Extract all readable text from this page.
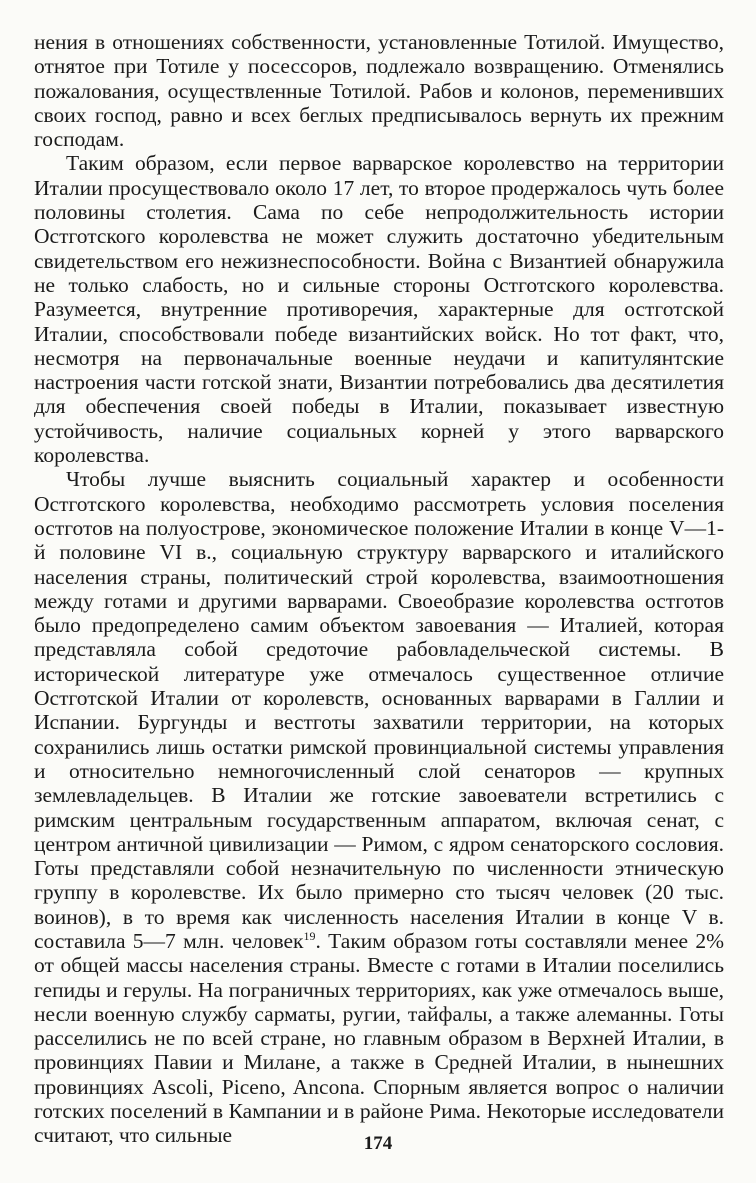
нения в отношениях собственности, установленные Тотилой. Имущество, отнятое при Тотиле у посессоров, подлежало возвращению. Отменялись пожалования, осуществленные Тотилой. Рабов и колонов, переменивших своих господ, равно и всех беглых предписывалось вернуть их прежним господам.

Таким образом, если первое варварское королевство на территории Италии просуществовало около 17 лет, то второе продержалось чуть более половины столетия. Сама по себе непродолжительность истории Остготского королевства не может служить достаточно убедительным свидетельством его нежизнеспособности. Война с Византией обнаружила не только слабость, но и сильные стороны Остготского королевства. Разумеется, внутренние противоречия, характерные для остготской Италии, способствовали победе византийских войск. Но тот факт, что, несмотря на первоначальные военные неудачи и капитулянтские настроения части готской знати, Византии потребовались два десятилетия для обеспечения своей победы в Италии, показывает известную устойчивость, наличие социальных корней у этого варварского королевства.

Чтобы лучше выяснить социальный характер и особенности Остготского королевства, необходимо рассмотреть условия поселения остготов на полуострове, экономическое положение Италии в конце V—1-й половине VI в., социальную структуру варварского и италийского населения страны, политический строй королевства, взаимоотношения между готами и другими варварами. Своеобразие королевства остготов было предопределено самим объектом завоевания — Италией, которая представляла собой средоточие рабовладельческой системы. В исторической литературе уже отмечалось существенное отличие Остготской Италии от королевств, основанных варварами в Галлии и Испании. Бургунды и вестготы захватили территории, на которых сохранились лишь остатки римской провинциальной системы управления и относительно немногочисленный слой сенаторов — крупных землевладельцев. В Италии же готские завоеватели встретились с римским центральным государственным аппаратом, включая сенат, с центром античной цивилизации — Римом, с ядром сенаторского сословия. Готы представляли собой незначительную по численности этническую группу в королевстве. Их было примерно сто тысяч человек (20 тыс. воинов), в то время как численность населения Италии в конце V в. составила 5—7 млн. человек$^{19}$. Таким образом готы составляли менее 2% от общей массы населения страны. Вместе с готами в Италии поселились гепиды и герулы. На пограничных территориях, как уже отмечалось выше, несли военную службу сарматы, ругии, тайфалы, а также алеманны. Готы расселились не по всей стране, но главным образом в Верхней Италии, в провинциях Павии и Милане, а также в Средней Италии, в нынешних провинциях Ascoli, Piceno, Ancona. Спорным является вопрос о наличии готских поселений в Кампании и в районе Рима. Некоторые исследователи считают, что сильные	174
